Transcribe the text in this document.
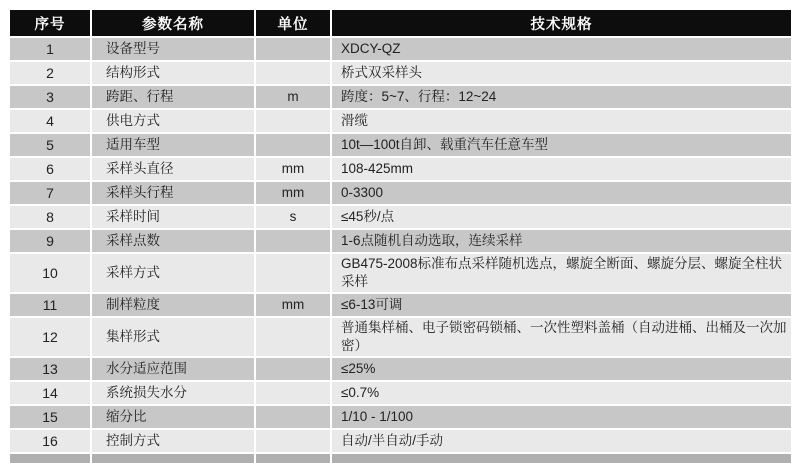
序号	参数名称	单位	技术规格
1	设备型号		XDCY-QZ
2	结构形式		桥式双采样头
3	跨距、行程	m	跨度：5~7、行程：12~24
4	供电方式		滑缆
5	适用车型		10t—100t自卸、载重汽车任意车型
6	采样头直径	mm	108-425mm
7	采样头行程	mm	0-3300
8	采样时间	s	≤45秒/点
9	采样点数		1-6点随机自动选取，连续采样
10	采样方式		GB475-2008标准布点采样随机选点，螺旋全断面、螺旋分层、螺旋全柱状采样
11	制样粒度	mm	≤6-13可调
12	集样形式		普通集样桶、电子锁密码锁桶、一次性塑料盖桶（自动进桶、出桶及一次加密）
13	水分适应范围		≤25%
14	系统损失水分		≤0.7%
15	缩分比		1/10 - 1/100
16	控制方式		自动/半自动/手动
